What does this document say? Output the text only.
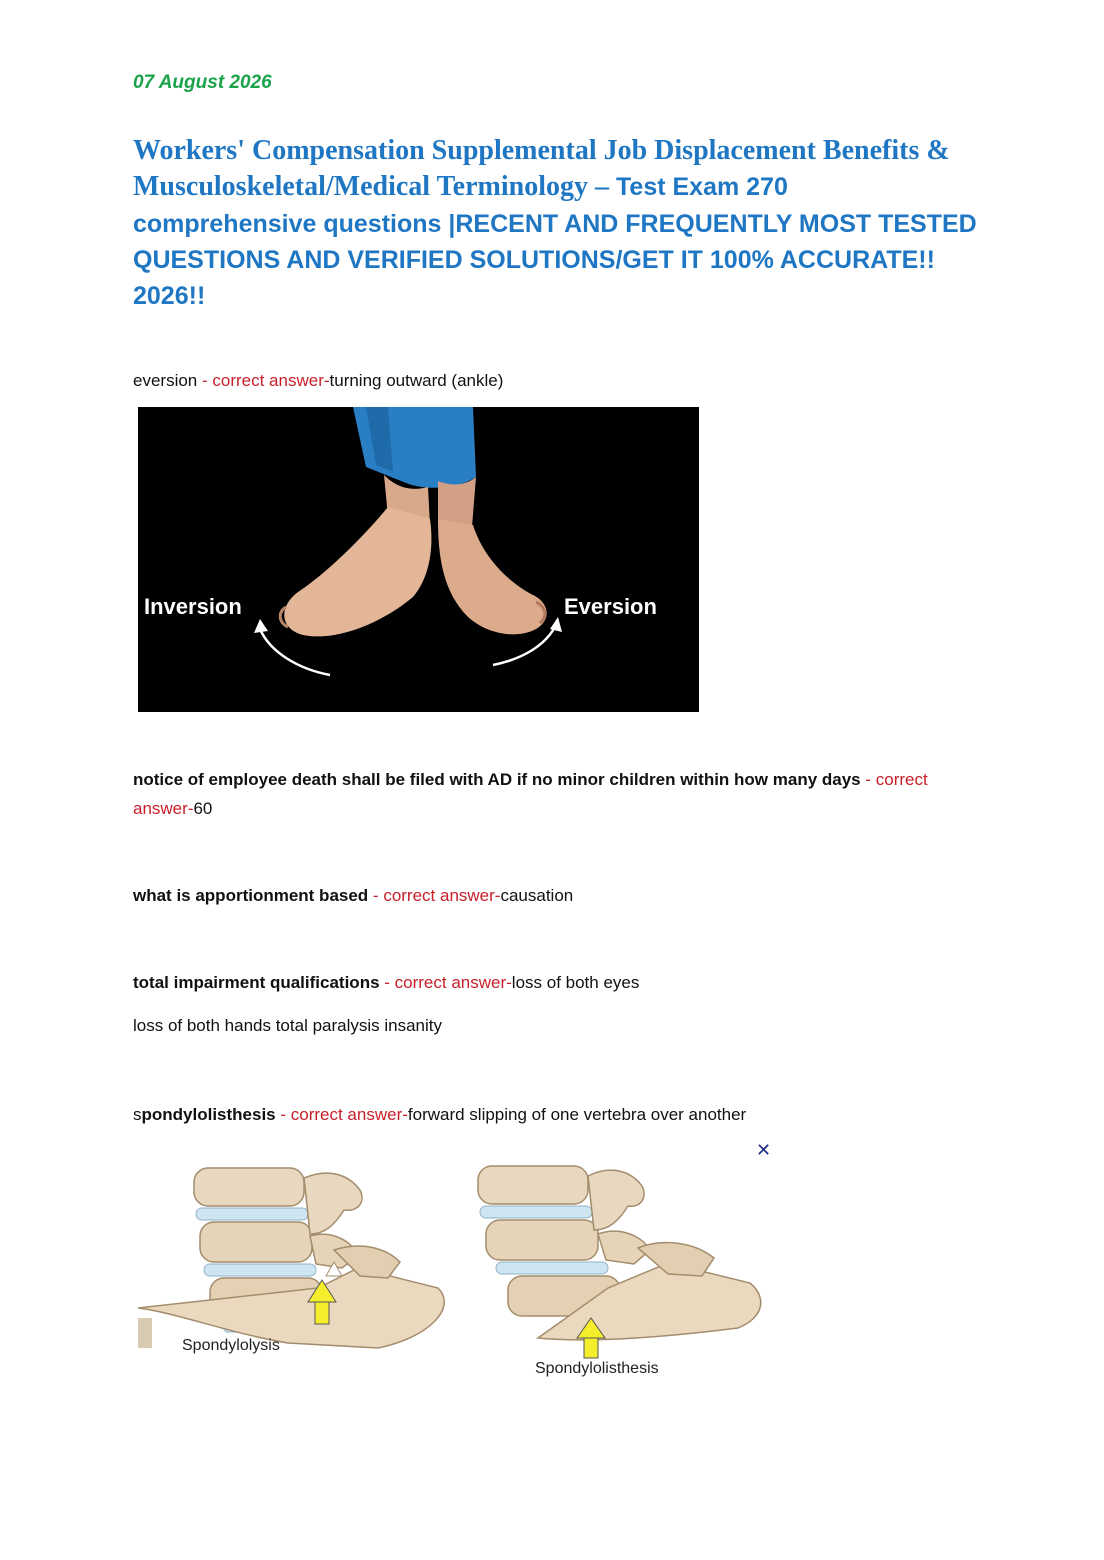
07 August 2026
Workers' Compensation Supplemental Job Displacement Benefits & Musculoskeletal/Medical Terminology – Test Exam 270
comprehensive questions |RECENT AND FREQUENTLY MOST TESTED QUESTIONS AND VERIFIED SOLUTIONS/GET IT 100% ACCURATE!! 2026!!
eversion - correct answer-turning outward (ankle)
Inversion	Eversion
notice of employee death shall be filed with AD if no minor children within how many days - correct answer-60
what is apportionment based - correct answer-causation
total impairment qualifications - correct answer-loss of both eyes
loss of both hands total paralysis insanity
spondylolisthesis - correct answer-forward slipping of one vertebra over another
✕
Spondylolysis
Spondylolisthesis
